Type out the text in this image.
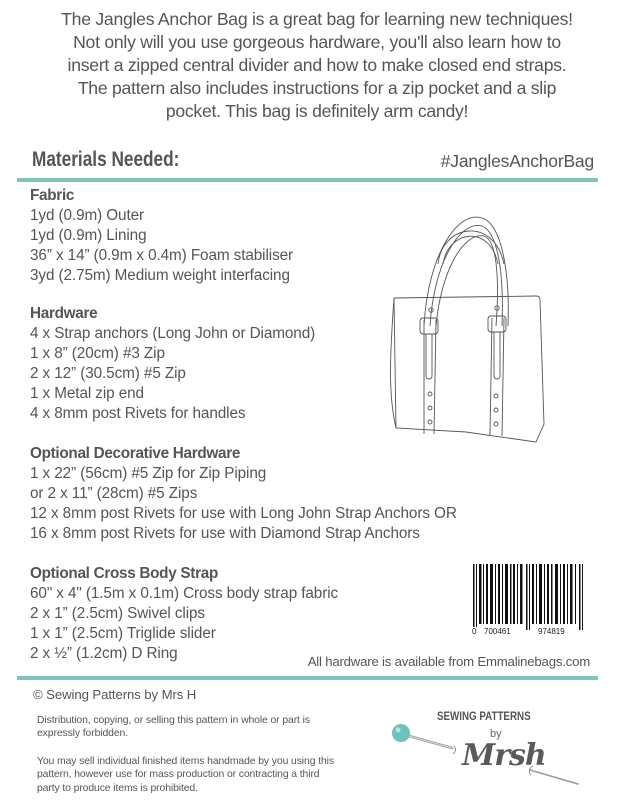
The Jangles Anchor Bag is a great bag for learning new techniques!
Not only will you use gorgeous hardware, you'll also learn how to
insert a zipped central divider and how to make closed end straps.
The pattern also includes instructions for a zip pocket and a slip
pocket. This bag is definitely arm candy!
Materials Needed:	#JanglesAnchorBag
Fabric
1yd (0.9m) Outer
1yd (0.9m) Lining
36” x 14” (0.9m x 0.4m) Foam stabiliser
3yd (2.75m) Medium weight interfacing
Hardware
4 x Strap anchors (Long John or Diamond)
1 x 8” (20cm) #3 Zip
2 x 12” (30.5cm) #5 Zip
1 x Metal zip end
4 x 8mm post Rivets for handles
Optional Decorative Hardware
1 x 22” (56cm) #5 Zip for Zip Piping
or 2 x 11” (28cm) #5 Zips
12 x 8mm post Rivets for use with Long John Strap Anchors OR
16 x 8mm post Rivets for use with Diamond Strap Anchors
Optional Cross Body Strap
60" x 4" (1.5m x 0.1m) Cross body strap fabric
2 x 1” (2.5cm) Swivel clips
1 x 1” (2.5cm) Triglide slider
2 x ½” (1.2cm) D Ring
0 700461	974819
All hardware is available from Emmalinebags.com
© Sewing Patterns by Mrs H
Distribution, copying, or selling this pattern in whole or part is
expressly forbidden.
You may sell individual finished items handmade by you using this
pattern, however use for mass production or contracting a third
party to produce items is prohibited.
SEWING PATTERNS
by
Mrsh
